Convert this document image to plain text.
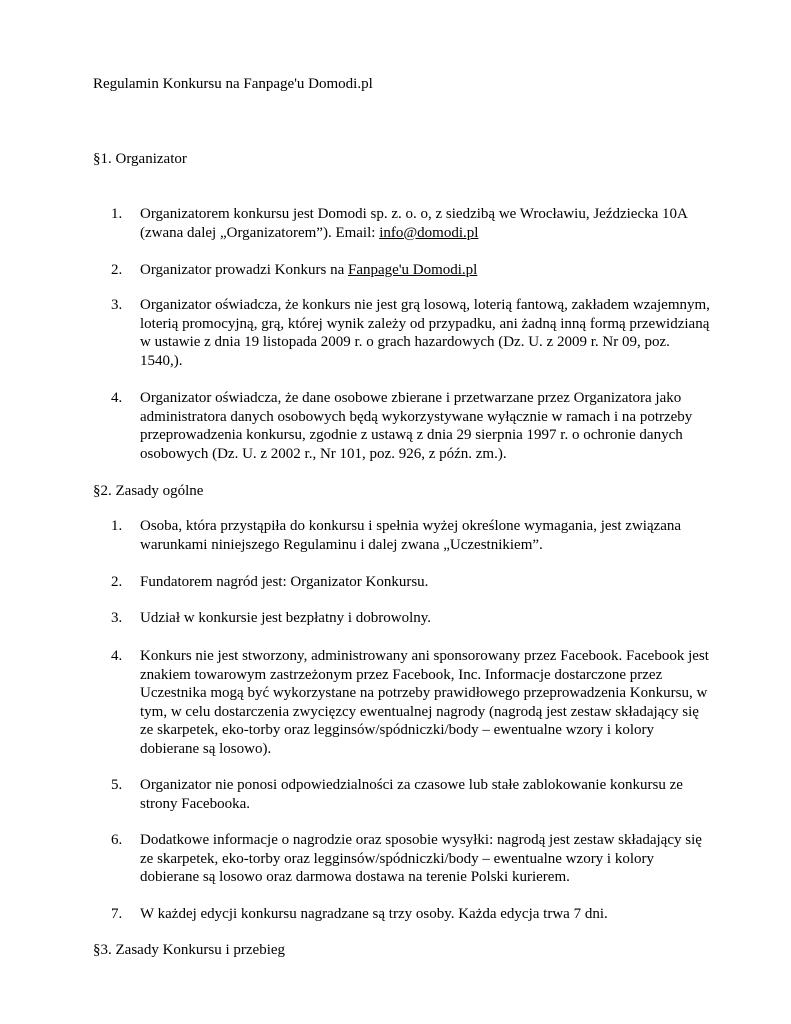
Regulamin Konkursu na Fanpage'u Domodi.pl

§1. Organizator

1.	Organizatorem konkursu jest Domodi sp. z. o. o, z siedzibą we Wrocławiu, Jeździecka 10A (zwana dalej „Organizatorem”). Email: info@domodi.pl
2.	Organizator prowadzi Konkurs na Fanpage'u Domodi.pl
3.	Organizator oświadcza, że konkurs nie jest grą losową, loterią fantową, zakładem wzajemnym, loterią promocyjną, grą, której wynik zależy od przypadku, ani żadną inną formą przewidzianą w ustawie z dnia 19 listopada 2009 r. o grach hazardowych (Dz. U. z 2009 r. Nr 09, poz. 1540,).
4.	Organizator oświadcza, że dane osobowe zbierane i przetwarzane przez Organizatora jako administratora danych osobowych będą wykorzystywane wyłącznie w ramach i na potrzeby przeprowadzenia konkursu, zgodnie z ustawą z dnia 29 sierpnia 1997 r. o ochronie danych osobowych (Dz. U. z 2002 r., Nr 101, poz. 926, z późn. zm.).

§2. Zasady ogólne

1.	Osoba, która przystąpiła do konkursu i spełnia wyżej określone wymagania, jest związana warunkami niniejszego Regulaminu i dalej zwana „Uczestnikiem”.
2.	Fundatorem nagród jest: Organizator Konkursu.
3.	Udział w konkursie jest bezpłatny i dobrowolny.
4.	Konkurs nie jest stworzony, administrowany ani sponsorowany przez Facebook. Facebook jest znakiem towarowym zastrzeżonym przez Facebook, Inc. Informacje dostarczone przez Uczestnika mogą być wykorzystane na potrzeby prawidłowego przeprowadzenia Konkursu, w tym, w celu dostarczenia zwycięzcy ewentualnej nagrody (nagrodą jest zestaw składający się ze skarpetek, eko-torby oraz legginsów/spódniczki/body – ewentualne wzory i kolory dobierane są losowo).
5.	Organizator nie ponosi odpowiedzialności za czasowe lub stałe zablokowanie konkursu ze strony Facebooka.
6.	Dodatkowe informacje o nagrodzie oraz sposobie wysyłki: nagrodą jest zestaw składający się ze skarpetek, eko-torby oraz legginsów/spódniczki/body – ewentualne wzory i kolory dobierane są losowo oraz darmowa dostawa na terenie Polski kurierem.
7.	W każdej edycji konkursu nagradzane są trzy osoby. Każda edycja trwa 7 dni.

§3. Zasady Konkursu i przebieg
